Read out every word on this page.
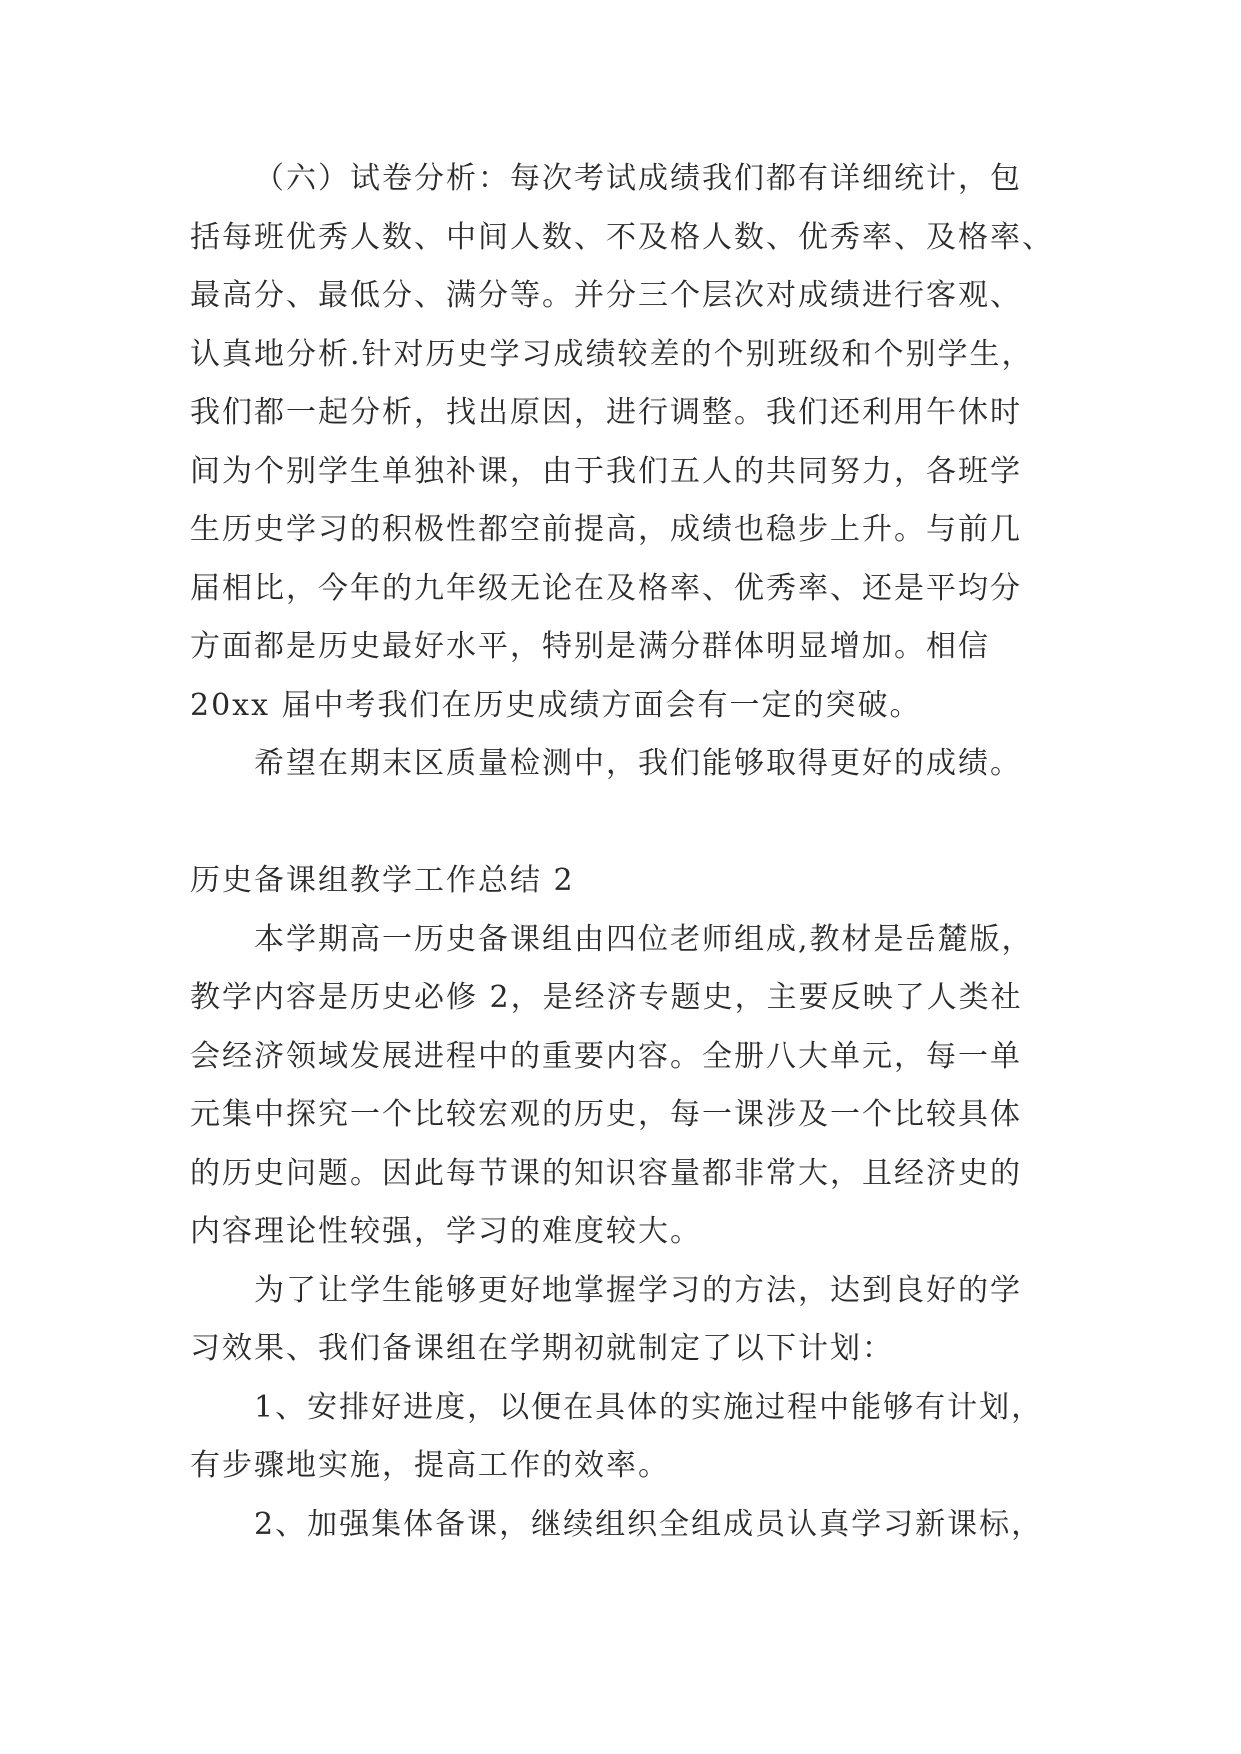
（六）试卷分析：每次考试成绩我们都有详细统计，包
括每班优秀人数、中间人数、不及格人数、优秀率、及格率、
最高分、最低分、满分等。并分三个层次对成绩进行客观、
认真地分析.针对历史学习成绩较差的个别班级和个别学生，
我们都一起分析，找出原因，进行调整。我们还利用午休时
间为个别学生单独补课，由于我们五人的共同努力，各班学
生历史学习的积极性都空前提高，成绩也稳步上升。与前几
届相比，今年的九年级无论在及格率、优秀率、还是平均分
方面都是历史最好水平，特别是满分群体明显增加。相信
20xx 届中考我们在历史成绩方面会有一定的突破。
希望在期末区质量检测中，我们能够取得更好的成绩。
历史备课组教学工作总结 2
本学期高一历史备课组由四位老师组成,教材是岳麓版，
教学内容是历史必修 2，是经济专题史，主要反映了人类社
会经济领域发展进程中的重要内容。全册八大单元，每一单
元集中探究一个比较宏观的历史，每一课涉及一个比较具体
的历史问题。因此每节课的知识容量都非常大，且经济史的
内容理论性较强，学习的难度较大。
为了让学生能够更好地掌握学习的方法，达到良好的学
习效果、我们备课组在学期初就制定了以下计划：
1、安排好进度，以便在具体的实施过程中能够有计划，
有步骤地实施，提高工作的效率。
2、加强集体备课，继续组织全组成员认真学习新课标，
